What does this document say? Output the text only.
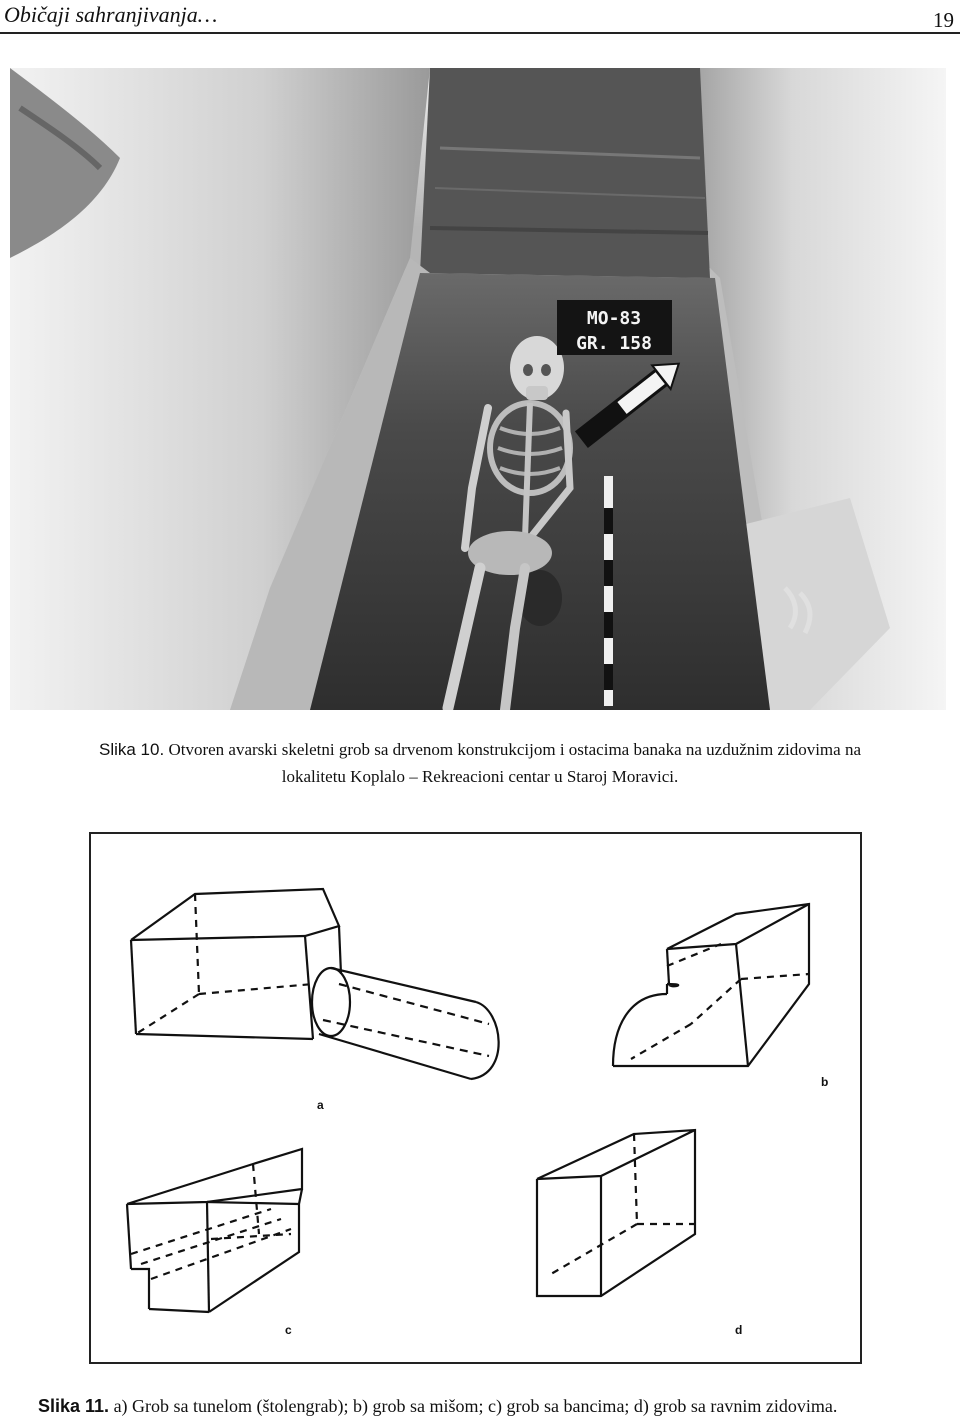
Običaji sahranjivanja…	19
MO-83
GR. 158
Slika 10. Otvoren avarski skeletni grob sa drvenom konstrukcijom i ostacima banaka na uzdužnim zidovima na
lokalitetu Koplalo – Rekreacioni centar u Staroj Moravici.
a
b
c	d
Slika 11. a) Grob sa tunelom (štolengrab); b) grob sa mišom; c) grob sa bancima; d) grob sa ravnim zidovima.
